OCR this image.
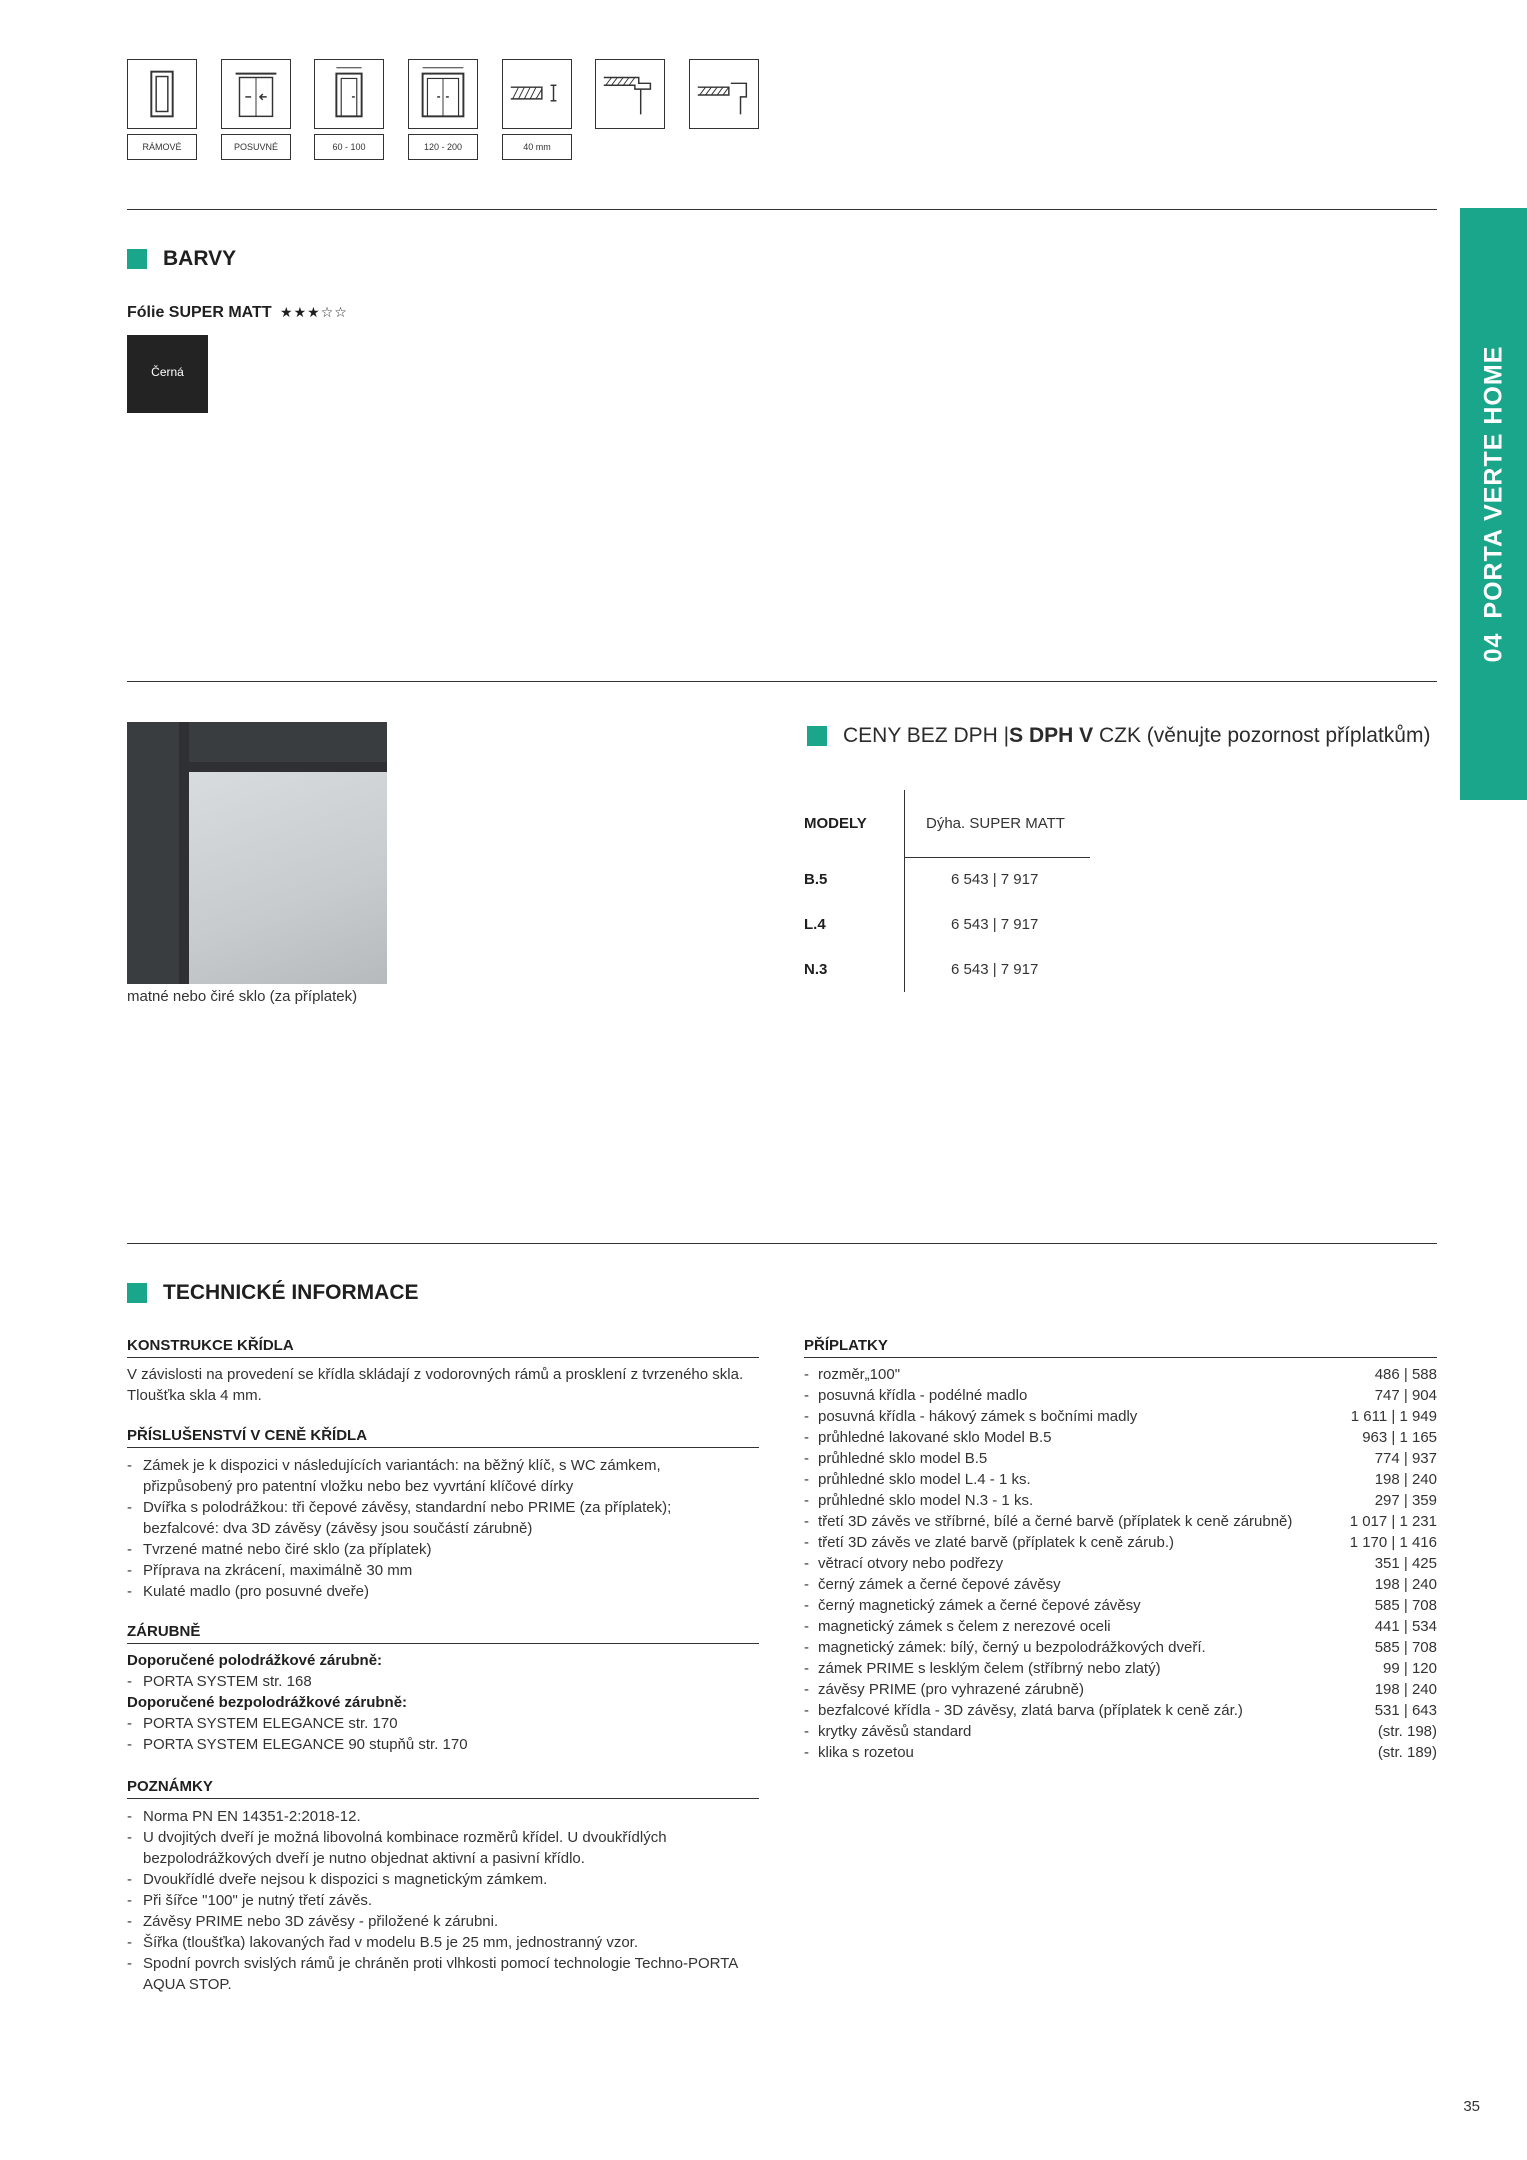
RÁMOVÉ	POSUVNÉ	60 - 100	120 - 200	40 mm
04PORTA VERTE HOME
BARVY
Fólie SUPER MATT ★★★☆☆
Černá
matné nebo čiré sklo (za příplatek)
CENY BEZ DPH | S DPH V CZK (věnujte pozornost příplatkům)
MODELY	Dýha. SUPER MATT
B.5	6 543 | 7 917
L.4	6 543 | 7 917
N.3	6 543 | 7 917
TECHNICKÉ INFORMACE
KONSTRUKCE KŘÍDLA
V závislosti na provedení se křídla skládají z vodorovných rámů a prosklení z tvrzeného skla. Tloušťka skla 4 mm.
PŘÍSLUŠENSTVÍ V CENĚ KŘÍDLA
- Zámek je k dispozici v následujících variantách: na běžný klíč, s WC zámkem, přizpůsobený pro patentní vložku nebo bez vyvrtání klíčové dírky
- Dvířka s polodrážkou: tři čepové závěsy, standardní nebo PRIME (za příplatek); bezfalcové: dva 3D závěsy (závěsy jsou součástí zárubně)
- Tvrzené matné nebo čiré sklo (za příplatek)
- Příprava na zkrácení, maximálně 30 mm
- Kulaté madlo (pro posuvné dveře)
ZÁRUBNĚ
Doporučené polodrážkové zárubně:
- PORTA SYSTEM str. 168
Doporučené bezpolodrážkové zárubně:
- PORTA SYSTEM ELEGANCE str. 170
- PORTA SYSTEM ELEGANCE 90 stupňů str. 170
POZNÁMKY
- Norma PN EN 14351-2:2018-12.
- U dvojitých dveří je možná libovolná kombinace rozměrů křídel. U dvoukřídlých bezpolodrážkových dveří je nutno objednat aktivní a pasivní křídlo.
- Dvoukřídlé dveře nejsou k dispozici s magnetickým zámkem.
- Při šířce "100" je nutný třetí závěs.
- Závěsy PRIME nebo 3D závěsy - přiložené k zárubni.
- Šířka (tloušťka) lakovaných řad v modelu B.5 je 25 mm, jednostranný vzor.
- Spodní povrch svislých rámů je chráněn proti vlhkosti pomocí technologie Techno-PORTA AQUA STOP.
PŘÍPLATKY
- rozměr„100"	486 | 588
- posuvná křídla - podélné madlo	747 | 904
- posuvná křídla - hákový zámek s bočními madly	1 611 | 1 949
- průhledné lakované sklo Model B.5	963 | 1 165
- průhledné sklo model B.5	774 | 937
- průhledné sklo model L.4 - 1 ks.	198 | 240
- průhledné sklo model N.3 - 1 ks.	297 | 359
- třetí 3D závěs ve stříbrné, bílé a černé barvě (příplatek k ceně zárubně)	1 017 | 1 231
- třetí 3D závěs ve zlaté barvě (příplatek k ceně zárub.)	1 170 | 1 416
- větrací otvory nebo podřezy	351 | 425
- černý zámek a černé čepové závěsy	198 | 240
- černý magnetický zámek a černé čepové závěsy	585 | 708
- magnetický zámek s čelem z nerezové oceli	441 | 534
- magnetický zámek: bílý, černý u bezpolodrážkových dveří.	585 | 708
- zámek PRIME s lesklým čelem (stříbrný nebo zlatý)	99 | 120
- závěsy PRIME (pro vyhrazené zárubně)	198 | 240
- bezfalcové křídla - 3D závěsy, zlatá barva (příplatek k ceně zár.)	531 | 643
- krytky závěsů standard	(str. 198)
- klika s rozetou	(str. 189)
35
